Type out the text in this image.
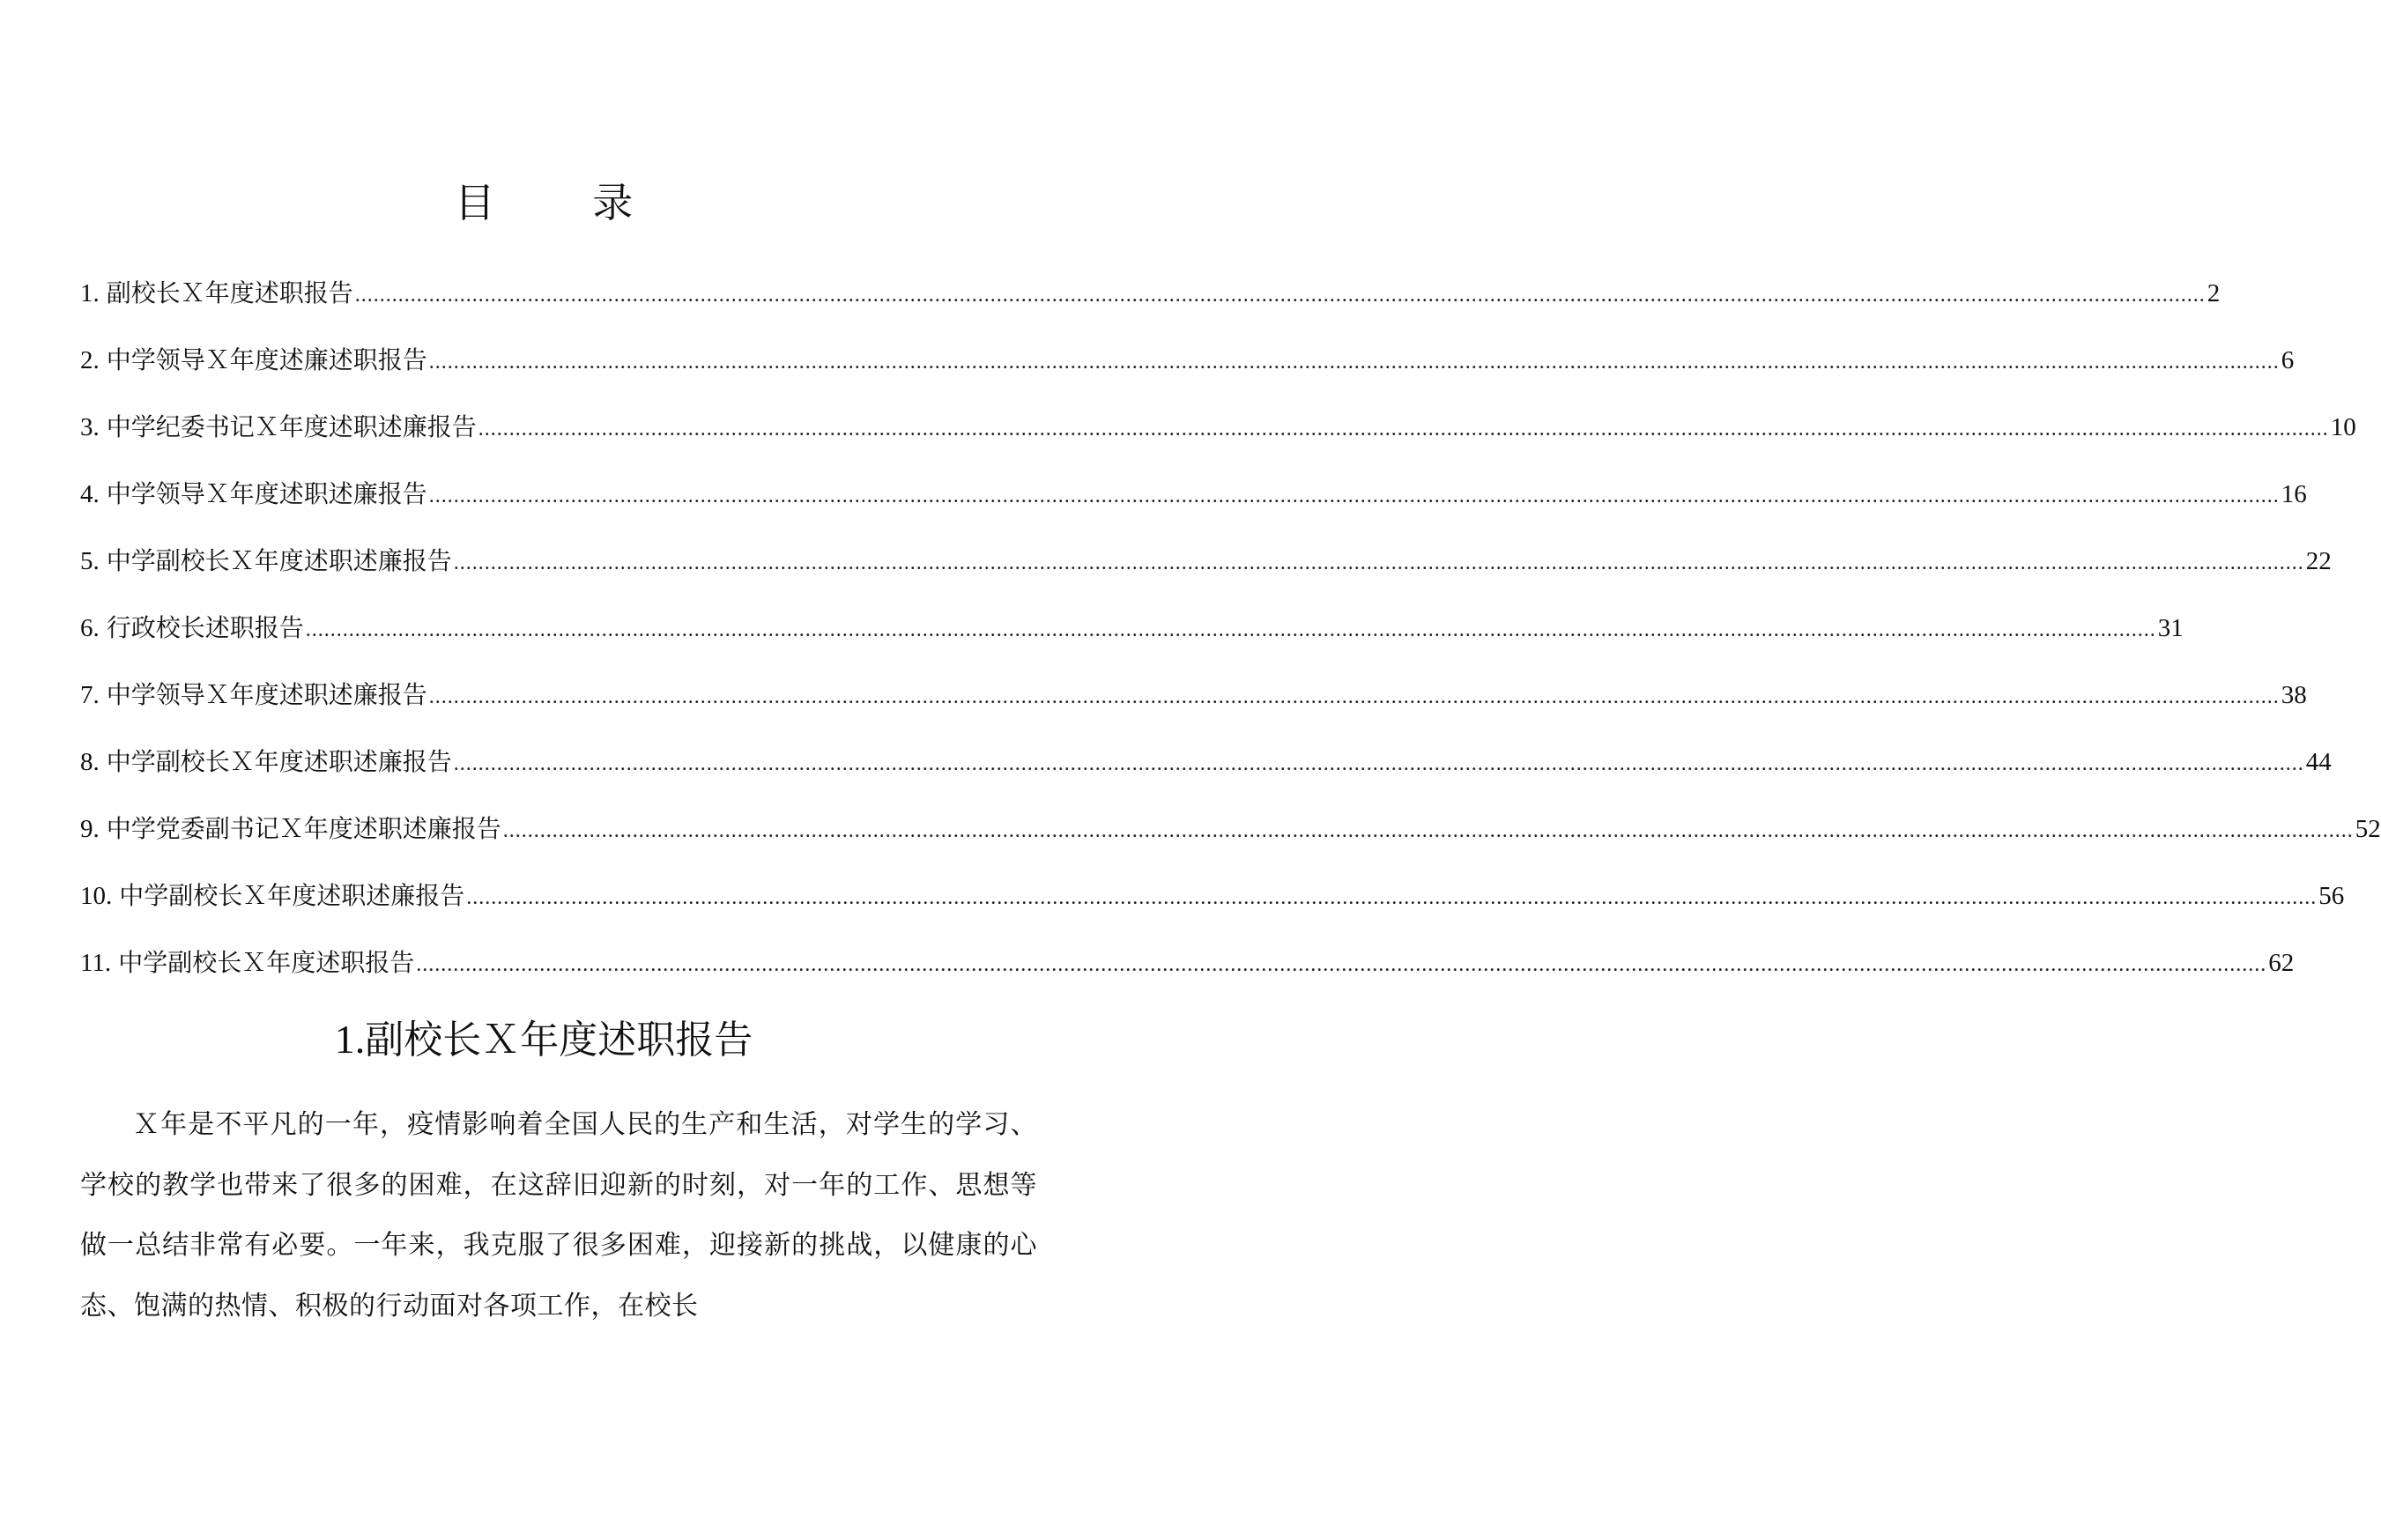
目 录
1. 副校长Ｘ年度述职报告 ............................................................................................................................................................................................................................................................................................................ 2
2. 中学领导Ｘ年度述廉述职报告 ............................................................................................................................................................................................................................................................................................................ 6
3. 中学纪委书记Ｘ年度述职述廉报告 ............................................................................................................................................................................................................................................................................................................ 10
4. 中学领导Ｘ年度述职述廉报告 ............................................................................................................................................................................................................................................................................................................ 16
5. 中学副校长Ｘ年度述职述廉报告 ............................................................................................................................................................................................................................................................................................................ 22
6. 行政校长述职报告 ............................................................................................................................................................................................................................................................................................................ 31
7. 中学领导Ｘ年度述职述廉报告 ............................................................................................................................................................................................................................................................................................................ 38
8. 中学副校长Ｘ年度述职述廉报告 ............................................................................................................................................................................................................................................................................................................ 44
9. 中学党委副书记Ｘ年度述职述廉报告 ............................................................................................................................................................................................................................................................................................................ 52
10. 中学副校长Ｘ年度述职述廉报告 ............................................................................................................................................................................................................................................................................................................ 56
11. 中学副校长Ｘ年度述职报告 ............................................................................................................................................................................................................................................................................................................ 62
1.副校长Ｘ年度述职报告

Ｘ年是不平凡的一年，疫情影响着全国人民的生产和生活，对学生的学习、学校的教学也带来了很多的困难，在这辞旧迎新的时刻，对一年的工作、思想等做一总结非常有必要。一年来，我克服了很多困难，迎接新的挑战，以健康的心态、饱满的热情、积极的行动面对各项工作，在校长
